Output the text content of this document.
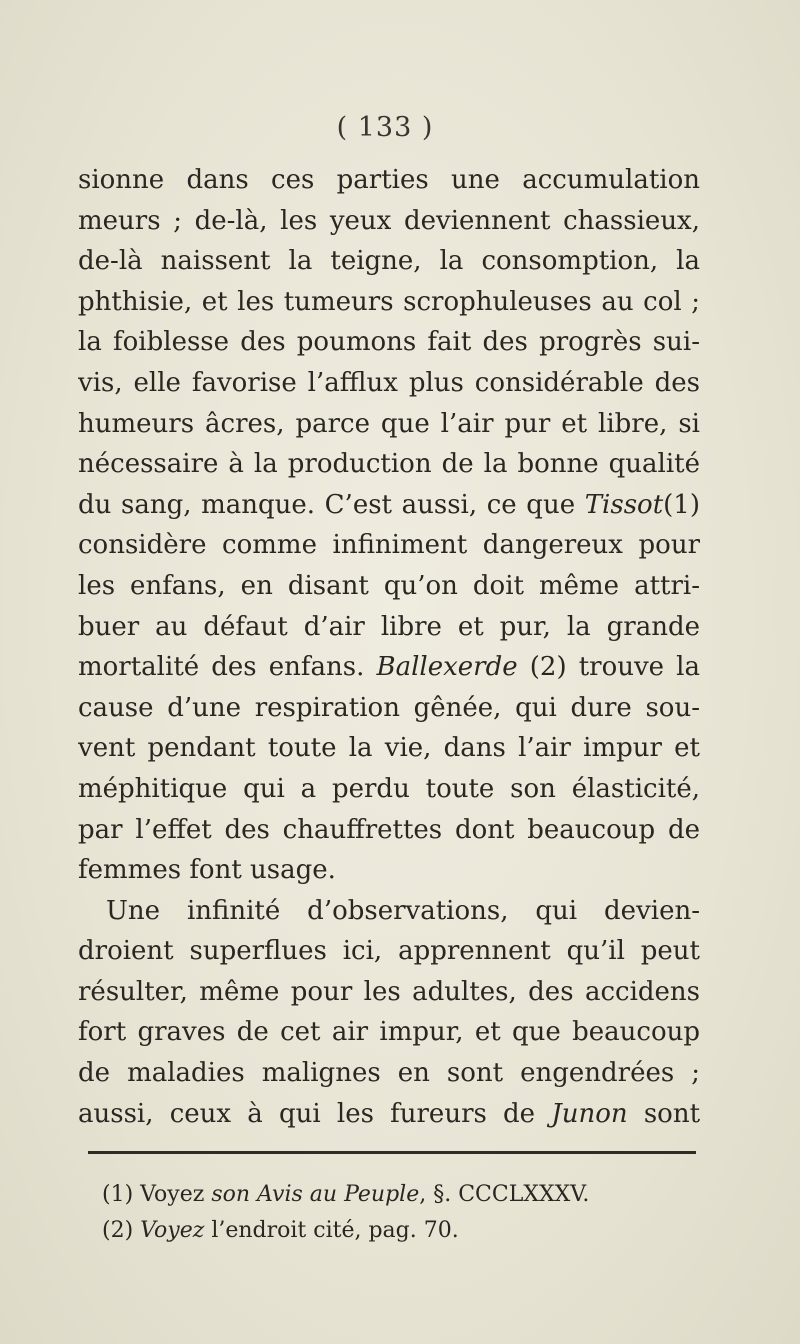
( 133 )
sionne dans ces parties une accumulation
meurs ; de-là, les yeux deviennent chassieux,
de-là naissent la teigne, la consomption, la
phthisie, et les tumeurs scrophuleuses au col ;
la foiblesse des poumons fait des progrès sui-
vis, elle favorise l’afflux plus considérable des
humeurs âcres, parce que l’air pur et libre, si
nécessaire à la production de la bonne qualité
du sang, manque. C’est aussi, ce que Tissot(1)
considère comme infiniment dangereux pour
les enfans, en disant qu’on doit même attri-
buer au défaut d’air libre et pur, la grande
mortalité des enfans. Ballexerde (2) trouve la
cause d’une respiration gênée, qui dure sou-
vent pendant toute la vie, dans l’air impur et
méphitique qui a perdu toute son élasticité,
par l’effet des chauffrettes dont beaucoup de
femmes font usage.
Une infinité d’observations, qui devien-
droient superflues ici, apprennent qu’il peut
résulter, même pour les adultes, des accidens
fort graves de cet air impur, et que beaucoup
de maladies malignes en sont engendrées ;
aussi, ceux à qui les fureurs de Junon sont
(1) Voyez son Avis au Peuple, §. CCCLXXXV.
(2) Voyez l’endroit cité, pag. 70.
